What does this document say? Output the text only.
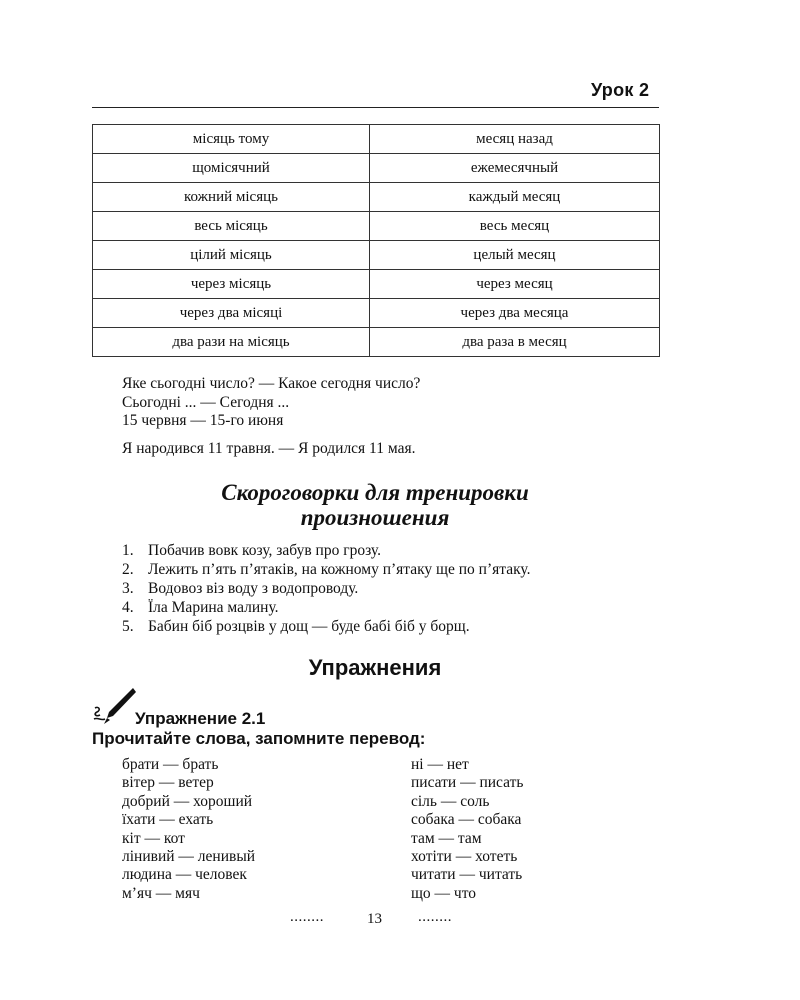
Урок 2
місяць тому	месяц назад
щомісячний	ежемесячный
кожний місяць	каждый месяц
весь місяць	весь месяц
цілий місяць	целый месяц
через місяць	через месяц
через два місяці	через два месяца
два рази на місяць	два раза в месяц
Яке сьогодні число? — Какое сегодня число?
Сьогодні ... — Сегодня ...
15 червня — 15-го июня
Я народився 11 травня. — Я родился 11 мая.
Скороговорки для тренировки
произношения
1. Побачив вовк козу, забув про грозу.
2. Лежить п’ять п’ятаків, на кожному п’ятаку ще по п’ятаку.
3. Водовоз віз воду з водопроводу.
4. Їла Марина малину.
5. Бабин біб розцвів у дощ — буде бабі біб у борщ.
Упражнения
Упражнение 2.1
Прочитайте слова, запомните перевод:
брати — брать
вітер — ветер
добрий — хороший
їхати — ехать
кіт — кот
лінивий — ленивый
людина — человек
м’яч — мяч
ні — нет
писати — писать
сіль — соль
собака — собака
там — там
хотіти — хотеть
читати — читать
що — что
........	13 ........
